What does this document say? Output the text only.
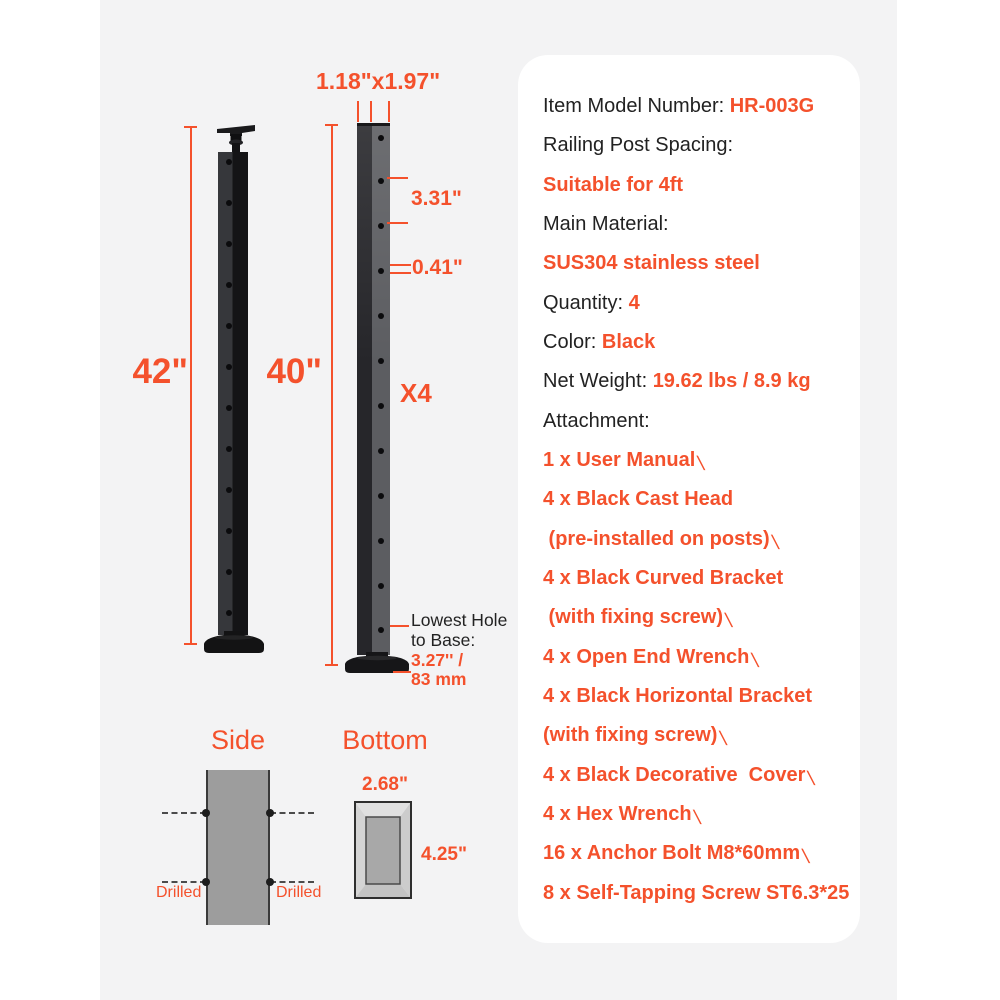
42"
1.18"x1.97"
40"
3.31"
0.41"
X4
Lowest Hole
to Base:
3.27'' /
83 mm
Side
Drilled	Drilled
Bottom
2.68"
4.25"
Item Model Number: HR-003G
Railing Post Spacing:
Suitable for 4ft
Main Material:
SUS304 stainless steel
Quantity: 4
Color: Black
Net Weight: 19.62 lbs / 8.9 kg
Attachment:
1 x User Manual ╲
4 x Black Cast Head
(pre-installed on posts) ╲
4 x Black Curved Bracket
(with fixing screw) ╲
4 x Open End Wrench ╲
4 x Black Horizontal Bracket
(with fixing screw) ╲
4 x Black Decorative  Cover ╲
4 x Hex Wrench ╲
16 x Anchor Bolt M8*60mm ╲
8 x Self-Tapping Screw ST6.3*25
